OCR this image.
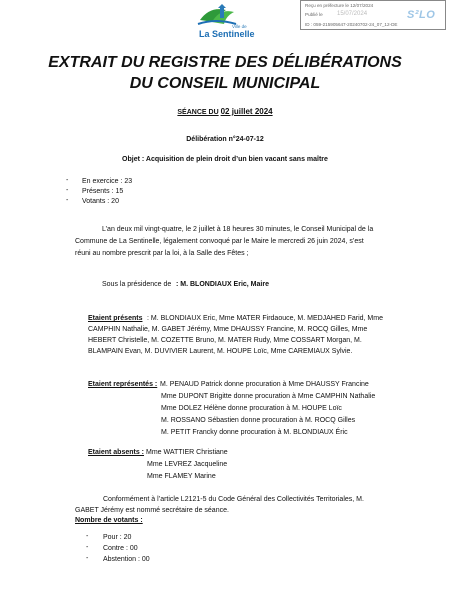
Ville de
La Sentinelle
Reçu en préfecture le 12/07/2024
Publié le 15/07/2024	S²LO
ID : 059-215905647-20240702-24_07_12-DE
EXTRAIT DU REGISTRE DES DÉLIBÉRATIONS
DU CONSEIL MUNICIPAL
SÉANCE DU 02 juillet 2024
Délibération n°24-07-12
Objet : Acquisition de plein droit d’un bien vacant sans maître
- En exercice : 23
- Présents : 15
- Votants : 20
L’an deux mil vingt-quatre, le 2 juillet à 18 heures 30 minutes, le Conseil Municipal de la
Commune de La Sentinelle, légalement convoqué par le Maire le mercredi 26 juin 2024, s’est
réuni au nombre prescrit par la loi, à la Salle des Fêtes ;
Sous la présidence de : M. BLONDIAUX Eric, Maire
Etaient présents : M. BLONDIAUX Eric, Mme MATER Firdaouce, M. MEDJAHED Farid, Mme
CAMPHIN Nathalie, M. GABET Jérémy, Mme DHAUSSY Francine, M. ROCQ Gilles, Mme
HEBERT Christelle, M. COZETTE Bruno, M. MATER Rudy, Mme COSSART Morgan, M.
BLAMPAIN Evan, M. DUVIVIER Laurent, M. HOUPE Loïc, Mme CAREMIAUX Sylvie.
Etaient représentés : M. PENAUD Patrick donne procuration à Mme DHAUSSY Francine
Mme DUPONT Brigitte donne procuration à Mme CAMPHIN Nathalie
Mme DOLEZ Hélène donne procuration à M. HOUPE Loïc
M. ROSSANO Sébastien donne procuration à M. ROCQ Gilles
M. PETIT Francky donne procuration à M. BLONDIAUX Éric
Etaient absents : Mme WATTIER Christiane
Mme LEVREZ Jacqueline
Mme FLAMEY Marine
Conformément à l’article L2121-5 du Code Général des Collectivités Territoriales, M.
GABET Jérémy est nommé secrétaire de séance.
Nombre de votants :
- Pour : 20
- Contre : 00
- Abstention : 00
